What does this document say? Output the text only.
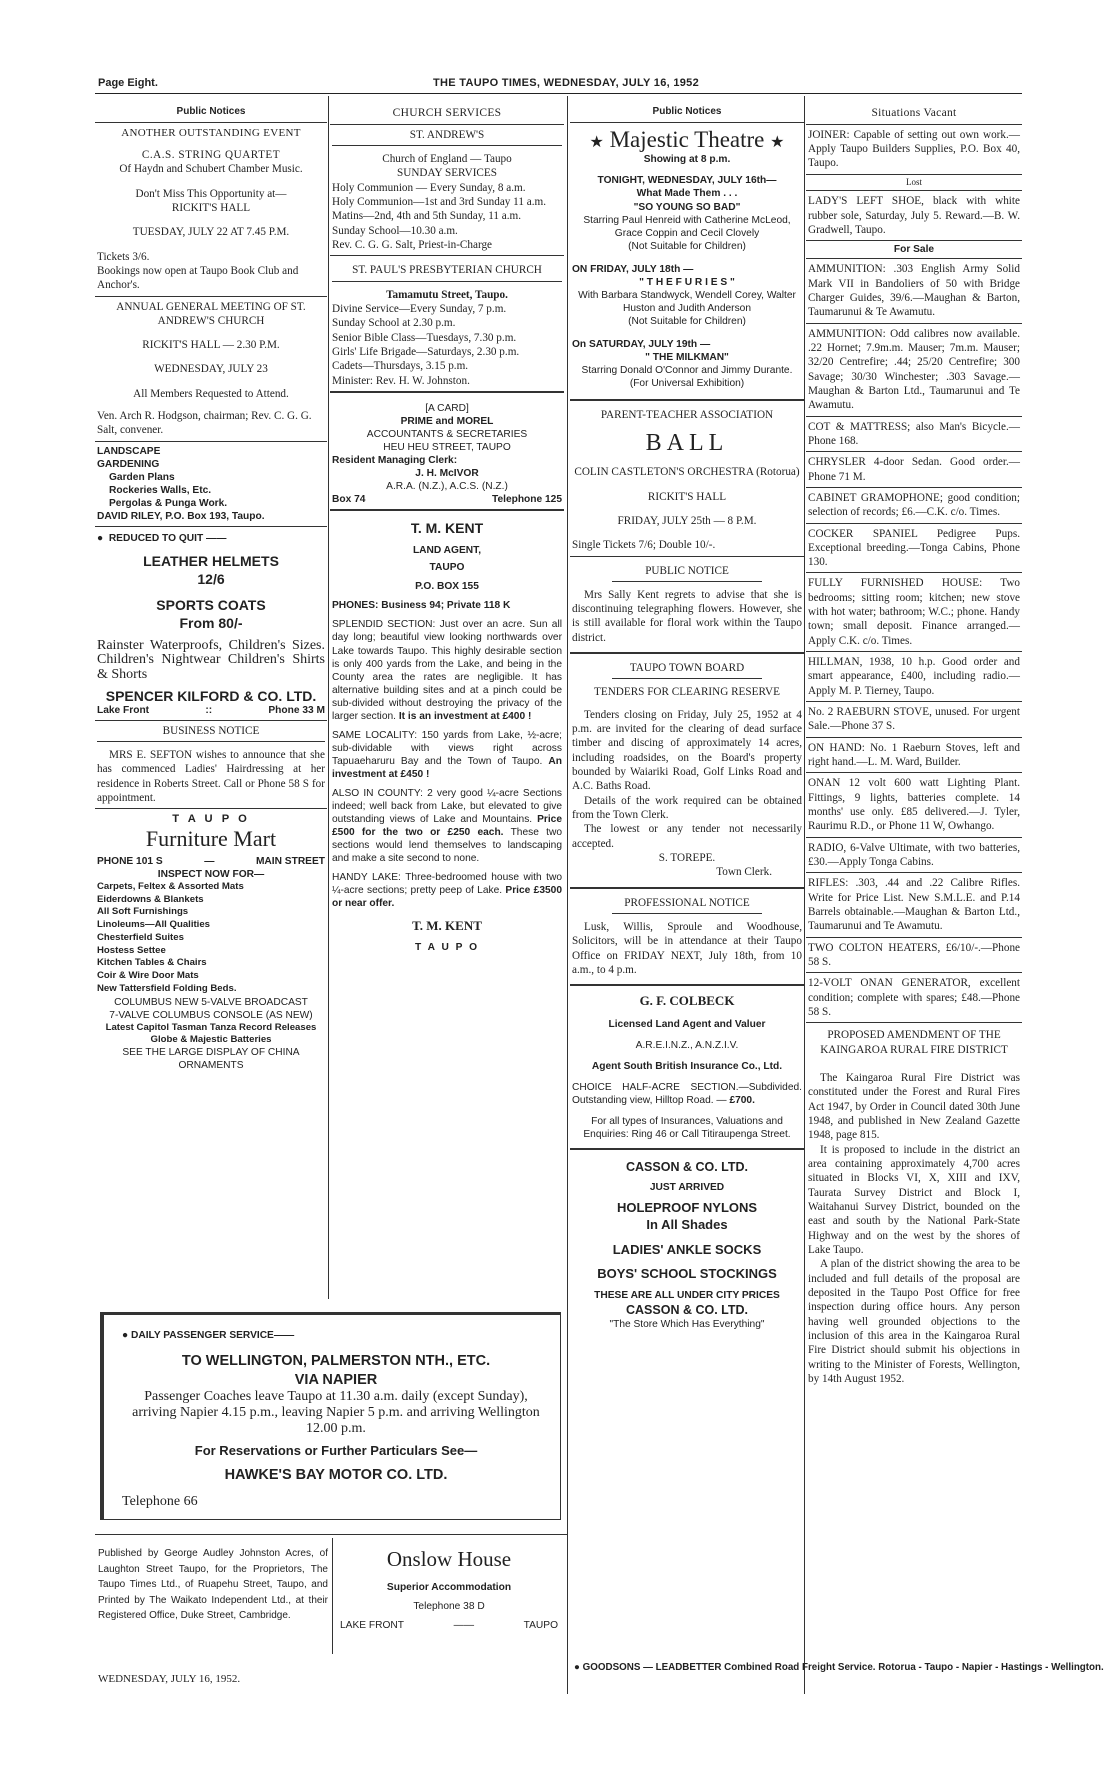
Page Eight.	THE TAUPO TIMES, WEDNESDAY, JULY 16, 1952
Public Notices

ANOTHER OUTSTANDING EVENT

C.A.S. STRING QUARTET

Of Haydn and Schubert Chamber Music.

Don't Miss This Opportunity at—

RICKIT'S HALL

TUESDAY, JULY 22 AT 7.45 P.M.

Tickets 3/6.

Bookings now open at Taupo Book Club and Anchor's.

ANNUAL GENERAL MEETING OF ST. ANDREW'S CHURCH

RICKIT'S HALL — 2.30 P.M.

WEDNESDAY, JULY 23

All Members Requested to Attend.

Ven. Arch R. Hodgson, chairman; Rev. C. G. G. Salt, convener.

LANDSCAPE

GARDENING

Garden Plans

Rockeries Walls, Etc.

Pergolas & Punga Work.

DAVID RILEY, P.O. Box 193, Taupo.

● REDUCED TO QUIT ——

LEATHER HELMETS

12/6

SPORTS COATS

From 80/-

Rainster Waterproofs, Children's Sizes. Children's Nightwear Children's Shirts & Shorts

SPENCER KILFORD & CO. LTD.

Lake Front	::	Phone 33 M

BUSINESS NOTICE

MRS E. SEFTON wishes to announce that she has commenced Ladies' Hairdressing at her residence in Roberts Street. Call or Phone 58 S for appointment.

T A U P O

Furniture Mart

PHONE 101 S	—	MAIN STREET

INSPECT NOW FOR—

Carpets, Feltex & Assorted Mats

Eiderdowns & Blankets

All Soft Furnishings

Linoleums—All Qualities

Chesterfield Suites

Hostess Settee

Kitchen Tables & Chairs

Coir & Wire Door Mats

New Tattersfield Folding Beds.

COLUMBUS NEW 5-VALVE BROADCAST

7-VALVE COLUMBUS CONSOLE (AS NEW)

Latest Capitol Tasman Tanza Record Releases

Globe & Majestic Batteries

SEE THE LARGE DISPLAY OF CHINA ORNAMENTS

CHURCH SERVICES

ST. ANDREW'S

Church of England — Taupo

SUNDAY SERVICES

Holy Communion — Every Sunday, 8 a.m.

Holy Communion—1st and 3rd Sunday 11 a.m.

Matins—2nd, 4th and 5th Sunday, 11 a.m.

Sunday School—10.30 a.m.

Rev. C. G. G. Salt, Priest-in-Charge

ST. PAUL'S PRESBYTERIAN CHURCH

Tamamutu Street, Taupo.

Divine Service—Every Sunday, 7 p.m.

Sunday School at 2.30 p.m.

Senior Bible Class—Tuesdays, 7.30 p.m.

Girls' Life Brigade—Saturdays, 2.30 p.m.

Cadets—Thursdays, 3.15 p.m.

Minister: Rev. H. W. Johnston.

[A CARD]

PRIME and MOREL

ACCOUNTANTS & SECRETARIES

HEU HEU STREET, TAUPO

Resident Managing Clerk:

J. H. McIVOR

A.R.A. (N.Z.), A.C.S. (N.Z.)

Box 74	Telephone 125

T. M. KENT

LAND AGENT,

TAUPO

P.O. BOX 155

PHONES: Business 94; Private 118 K

SPLENDID SECTION: Just over an acre. Sun all day long; beautiful view looking northwards over Lake towards Taupo. This highly desirable section is only 400 yards from the Lake, and being in the County area the rates are negligible. It has alternative building sites and at a pinch could be sub-divided without destroying the privacy of the larger section. It is an investment at £400 !

SAME LOCALITY: 150 yards from Lake, ½-acre; sub-dividable with views right across Tapuaeharuru Bay and the Town of Taupo. An investment at £450 !

ALSO IN COUNTY: 2 very good ¼-acre Sections indeed; well back from Lake, but elevated to give outstanding views of Lake and Mountains. Price £500 for the two or £250 each. These two sections would lend themselves to landscaping and make a site second to none.

HANDY LAKE: Three-bedroomed house with two ¼-acre sections; pretty peep of Lake. Price £3500 or near offer.

T. M. KENT

T A U P O

Public Notices

★ Majestic Theatre ★

Showing at 8 p.m.

TONIGHT, WEDNESDAY, JULY 16th—

What Made Them . . .

"SO YOUNG SO BAD"

Starring Paul Henreid with Catherine McLeod, Grace Coppin and Cecil Clovely

(Not Suitable for Children)

ON FRIDAY, JULY 18th —

" T H E F U R I E S "

With Barbara Standwyck, Wendell Corey, Walter Huston and Judith Anderson

(Not Suitable for Children)

On SATURDAY, JULY 19th —

" THE MILKMAN"

Starring Donald O'Connor and Jimmy Durante.

(For Universal Exhibition)

PARENT-TEACHER ASSOCIATION

BALL

COLIN CASTLETON'S ORCHESTRA (Rotorua)

RICKIT'S HALL

FRIDAY, JULY 25th — 8 P.M.

Single Tickets 7/6; Double 10/-.

PUBLIC NOTICE

Mrs Sally Kent regrets to advise that she is discontinuing telegraphing flowers. However, she is still available for floral work within the Taupo district.

TAUPO TOWN BOARD

TENDERS FOR CLEARING RESERVE

Tenders closing on Friday, July 25, 1952 at 4 p.m. are invited for the clearing of dead surface timber and discing of approximately 14 acres, including roadsides, on the Board's property bounded by Waiariki Road, Golf Links Road and A.C. Baths Road.

Details of the work required can be obtained from the Town Clerk.

The lowest or any tender not necessarily accepted.

S. TOREPE.

Town Clerk.

PROFESSIONAL NOTICE

Lusk, Willis, Sproule and Woodhouse, Solicitors, will be in attendance at their Taupo Office on FRIDAY NEXT, July 18th, from 10 a.m., to 4 p.m.

G. F. COLBECK

Licensed Land Agent and Valuer

A.R.E.I.N.Z., A.N.Z.I.V.

Agent South British Insurance Co., Ltd.

CHOICE HALF-ACRE SECTION.—Subdivided. Outstanding view, Hilltop Road. — £700.

For all types of Insurances, Valuations and Enquiries: Ring 46 or Call Titiraupenga Street.

CASSON & CO. LTD.

JUST ARRIVED

HOLEPROOF NYLONS

In All Shades

LADIES' ANKLE SOCKS

BOYS' SCHOOL STOCKINGS

THESE ARE ALL UNDER CITY PRICES

CASSON & CO. LTD.

"The Store Which Has Everything"

Situations Vacant

JOINER: Capable of setting out own work.—Apply Taupo Builders Supplies, P.O. Box 40, Taupo.

Lost

LADY'S LEFT SHOE, black with white rubber sole, Saturday, July 5. Reward.—B. W. Gradwell, Taupo.

For Sale

AMMUNITION: .303 English Army Solid Mark VII in Bandoliers of 50 with Bridge Charger Guides, 39/6.—Maughan & Barton, Taumarunui & Te Awamutu.

AMMUNITION: Odd calibres now available. .22 Hornet; 7.9m.m. Mauser; 7m.m. Mauser; 32/20 Centrefire; .44; 25/20 Centrefire; 300 Savage; 30/30 Winchester; .303 Savage.—Maughan & Barton Ltd., Taumarunui and Te Awamutu.

COT & MATTRESS; also Man's Bicycle.—Phone 168.

CHRYSLER 4-door Sedan. Good order.—Phone 71 M.

CABINET GRAMOPHONE; good condition; selection of records; £6.—C.K. c/o. Times.

COCKER SPANIEL Pedigree Pups. Exceptional breeding.—Tonga Cabins, Phone 130.

FULLY FURNISHED HOUSE: Two bedrooms; sitting room; kitchen; new stove with hot water; bathroom; W.C.; phone. Handy town; small deposit. Finance arranged.—Apply C.K. c/o. Times.

HILLMAN, 1938, 10 h.p. Good order and smart appearance, £400, including radio.—Apply M. P. Tierney, Taupo.

No. 2 RAEBURN STOVE, unused. For urgent Sale.—Phone 37 S.

ON HAND: No. 1 Raeburn Stoves, left and right hand.—L. M. Ward, Builder.

ONAN 12 volt 600 watt Lighting Plant. Fittings, 9 lights, batteries complete. 14 months' use only. £85 delivered.—J. Tyler, Raurimu R.D., or Phone 11 W, Owhango.

RADIO, 6-Valve Ultimate, with two batteries, £30.—Apply Tonga Cabins.

RIFLES: .303, .44 and .22 Calibre Rifles. Write for Price List. New S.M.L.E. and P.14 Barrels obtainable.—Maughan & Barton Ltd., Taumarunui and Te Awamutu.

TWO COLTON HEATERS, £6/10/-.—Phone 58 S.

12-VOLT ONAN GENERATOR, excellent condition; complete with spares; £48.—Phone 58 S.

PROPOSED AMENDMENT OF THE KAINGAROA RURAL FIRE DISTRICT

The Kaingaroa Rural Fire District was constituted under the Forest and Rural Fires Act 1947, by Order in Council dated 30th June 1948, and published in New Zealand Gazette 1948, page 815.

It is proposed to include in the district an area containing approximately 4,700 acres situated in Blocks VI, X, XIII and IXV, Taurata Survey District and Block I, Waitahanui Survey District, bounded on the east and south by the National Park-State Highway and on the west by the shores of Lake Taupo.

A plan of the district showing the area to be included and full details of the proposal are deposited in the Taupo Post Office for free inspection during office hours. Any person having well grounded objections to the inclusion of this area in the Kaingaroa Rural Fire District should submit his objections in writing to the Minister of Forests, Wellington, by 14th August 1952.

● DAILY PASSENGER SERVICE——

TO WELLINGTON, PALMERSTON NTH., ETC.

VIA NAPIER

Passenger Coaches leave Taupo at 11.30 a.m. daily (except Sunday), arriving Napier 4.15 p.m., leaving Napier 5 p.m. and arriving Wellington 12.00 p.m.

For Reservations or Further Particulars See—

HAWKE'S BAY MOTOR CO. LTD.

Telephone 66

Published by George Audley Johnston Acres, of Laughton Street Taupo, for the Proprietors, The Taupo Times Ltd., of Ruapehu Street, Taupo, and Printed by The Waikato Independent Ltd., at their Registered Office, Duke Street, Cambridge.

WEDNESDAY, JULY 16, 1952.

Onslow House

Superior Accommodation

Telephone 38 D

LAKE FRONT	——	TAUPO

● GOODSONS — LEADBETTER Combined Road Freight Service. Rotorua - Taupo - Napier - Hastings - Wellington.
